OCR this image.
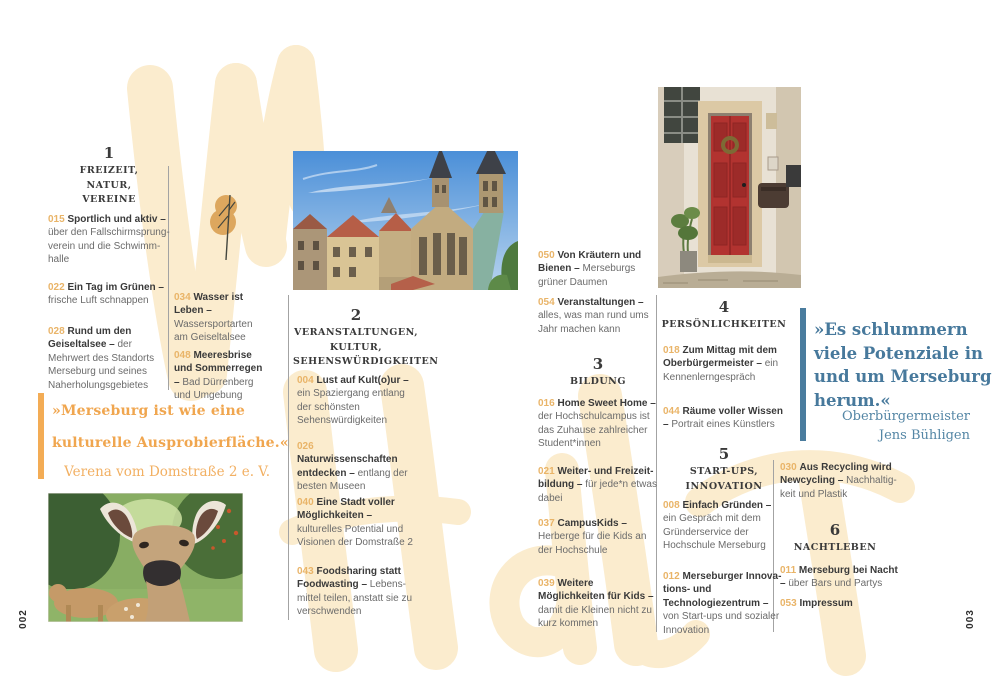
1
FREIZEIT,
NATUR,
VEREINE
015 Sportlich und aktiv – über den Fallschirmsprungverein und die Schwimmhalle
022 Ein Tag im Grünen – frische Luft schnappen
028 Rund um den Geiseltalsee – der Mehrwert des Standorts Merseburg und seines Naherholungsgebietes
034 Wasser ist Leben – Wassersportarten am Geiseltalsee
048 Meeresbrise und Sommerregen – Bad Dürrenberg und Umgebung
»Merseburg ist wie eine
kulturelle Ausprobierfläche.«
Verena vom Domstraße 2 e. V.
002
2
VERANSTALTUNGEN,
KULTUR,
SEHENSWÜRDIGKEITEN
004 Lust auf Kult(o)ur – ein Spaziergang entlang der schönsten Sehenswürdigkeiten
026 Naturwissenschaften entdecken – entlang der besten Museen
040 Eine Stadt voller Möglichkeiten – kulturelles Potential und Visionen der Domstraße 2
043 Foodsharing statt Foodwasting – Lebensmittel teilen, anstatt sie zu verschwenden
050 Von Kräutern und Bienen – Merseburgs grüner Daumen
054 Veranstaltungen – alles, was man rund ums Jahr machen kann
3
BILDUNG
016 Home Sweet Home – der Hochschulcampus ist das Zuhause zahlreicher Student*innen
021 Weiter- und Freizeitbildung – für jede*n etwas dabei
037 CampusKids – Herberge für die Kids an der Hochschule
039 Weitere Möglichkeiten für Kids – damit die Kleinen nicht zu kurz kommen
4
PERSÖNLICHKEITEN
018 Zum Mittag mit dem Oberbürgermeister – ein Kennenlerngespräch
044 Räume voller Wissen – Portrait eines Künstlers
5
START-UPS,
INNOVATION
008 Einfach Gründen – ein Gespräch mit dem Gründerservice der Hochschule Merseburg
012 Merseburger Innovations- und Technologiezentrum – von Start-ups und sozialer Innovation
»Es schlummern
viele Potenziale in
und um Merseburg
herum.«
Oberbürgermeister
Jens Bühligen
030 Aus Recycling wird Newcycling – Nachhaltigkeit und Plastik
6
NACHTLEBEN
011 Merseburg bei Nacht – über Bars und Partys
053 Impressum
003
